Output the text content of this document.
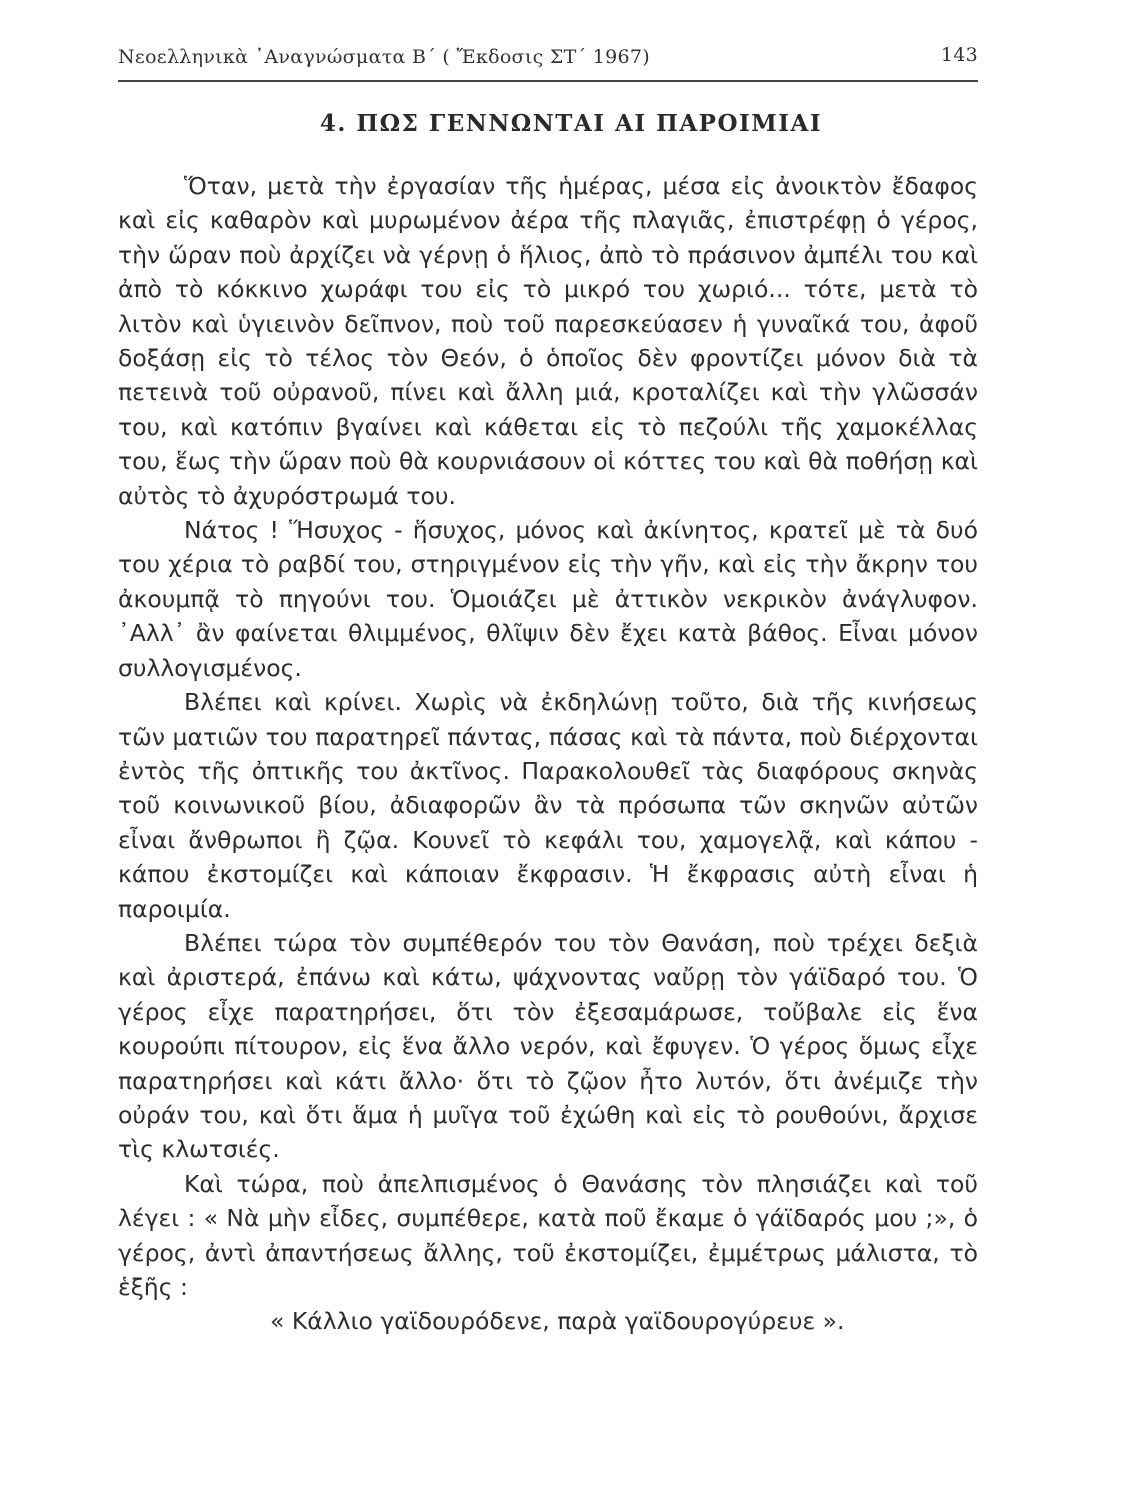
Νεοελληνικὰ ᾿Αναγνώσματα Β΄ ( Ἔκδοσις ΣΤ΄ 1967)	143
4. ΠΩΣ ΓΕΝΝΩΝΤΑΙ ΑΙ ΠΑΡΟΙΜΙΑΙ

Ὅταν, μετὰ τὴν ἐργασίαν τῆς ἡμέρας, μέσα εἰς ἀνοικτὸν ἔδαφος καὶ εἰς καθαρὸν καὶ μυρωμένον ἀέρα τῆς πλαγιᾶς, ἐπιστρέφῃ ὁ γέρος, τὴν ὥραν ποὺ ἀρχίζει νὰ γέρνῃ ὁ ἥλιος, ἀπὸ τὸ πράσινον ἀμπέλι του καὶ ἀπὸ τὸ κόκκινο χωράφι του εἰς τὸ μικρό του χωριό... τότε, μετὰ τὸ λιτὸν καὶ ὑγιεινὸν δεῖπνον, ποὺ τοῦ παρεσκεύασεν ἡ γυναῖκά του, ἀφοῦ δοξάσῃ εἰς τὸ τέλος τὸν Θεόν, ὁ ὁποῖος δὲν φροντίζει μόνον διὰ τὰ πετεινὰ τοῦ οὐρανοῦ, πίνει καὶ ἄλλη μιά, κροταλίζει καὶ τὴν γλῶσσάν του, καὶ κατόπιν βγαίνει καὶ κάθεται εἰς τὸ πεζούλι τῆς χαμοκέλλας του, ἕως τὴν ὥραν ποὺ θὰ κουρνιάσουν οἱ κόττες του καὶ θὰ ποθήσῃ καὶ αὐτὸς τὸ ἀχυρόστρωμά του.

Νάτος ! Ἥσυχος - ἥσυχος, μόνος καὶ ἀκίνητος, κρατεῖ μὲ τὰ δυό του χέρια τὸ ραβδί του, στηριγμένον εἰς τὴν γῆν, καὶ εἰς τὴν ἄκρην του ἀκουμπᾷ τὸ πηγούνι του. Ὁμοιάζει μὲ ἀττικὸν νεκρικὸν ἀνάγλυφον. ᾿Αλλ᾿ ἂν φαίνεται θλιμμένος, θλῖψιν δὲν ἔχει κατὰ βάθος. Εἶναι μόνον συλλογισμένος.

Βλέπει καὶ κρίνει. Χωρὶς νὰ ἐκδηλώνῃ τοῦτο, διὰ τῆς κινήσεως τῶν ματιῶν του παρατηρεῖ πάντας, πάσας καὶ τὰ πάντα, ποὺ διέρχονται ἐντὸς τῆς ὀπτικῆς του ἀκτῖνος. Παρακολουθεῖ τὰς διαφόρους σκηνὰς τοῦ κοινωνικοῦ βίου, ἀδιαφορῶν ἂν τὰ πρόσωπα τῶν σκηνῶν αὐτῶν εἶναι ἄνθρωποι ἢ ζῷα. Κουνεῖ τὸ κεφάλι του, χαμογελᾷ, καὶ κάπου - κάπου ἐκστομίζει καὶ κάποιαν ἔκφρασιν. Ἡ ἔκφρασις αὐτὴ εἶναι ἡ παροιμία.

Βλέπει τώρα τὸν συμπέθερόν του τὸν Θανάση, ποὺ τρέχει δεξιὰ καὶ ἀριστερά, ἐπάνω καὶ κάτω, ψάχνοντας ναὔρῃ τὸν γάϊδαρό του. Ὁ γέρος εἶχε παρατηρήσει, ὅτι τὸν ἐξεσαμάρωσε, τοὔβαλε εἰς ἕνα κουρούπι πίτουρον, εἰς ἕνα ἄλλο νερόν, καὶ ἔφυγεν. Ὁ γέρος ὅμως εἶχε παρατηρήσει καὶ κάτι ἄλλο· ὅτι τὸ ζῷον ἦτο λυτόν, ὅτι ἀνέμιζε τὴν οὐράν του, καὶ ὅτι ἅμα ἡ μυῖγα τοῦ ἐχώθη καὶ εἰς τὸ ρουθούνι, ἄρχισε τὶς κλωτσιές.

Καὶ τώρα, ποὺ ἀπελπισμένος ὁ Θανάσης τὸν πλησιάζει καὶ τοῦ λέγει : « Νὰ μὴν εἶδες, συμπέθερε, κατὰ ποῦ ἔκαμε ὁ γάϊδαρός μου ;», ὁ γέρος, ἀντὶ ἀπαντήσεως ἄλλης, τοῦ ἐκστομίζει, ἐμμέτρως μάλιστα, τὸ ἑξῆς :

« Κάλλιο γαϊδουρόδενε, παρὰ γαϊδουρογύρευε ».
